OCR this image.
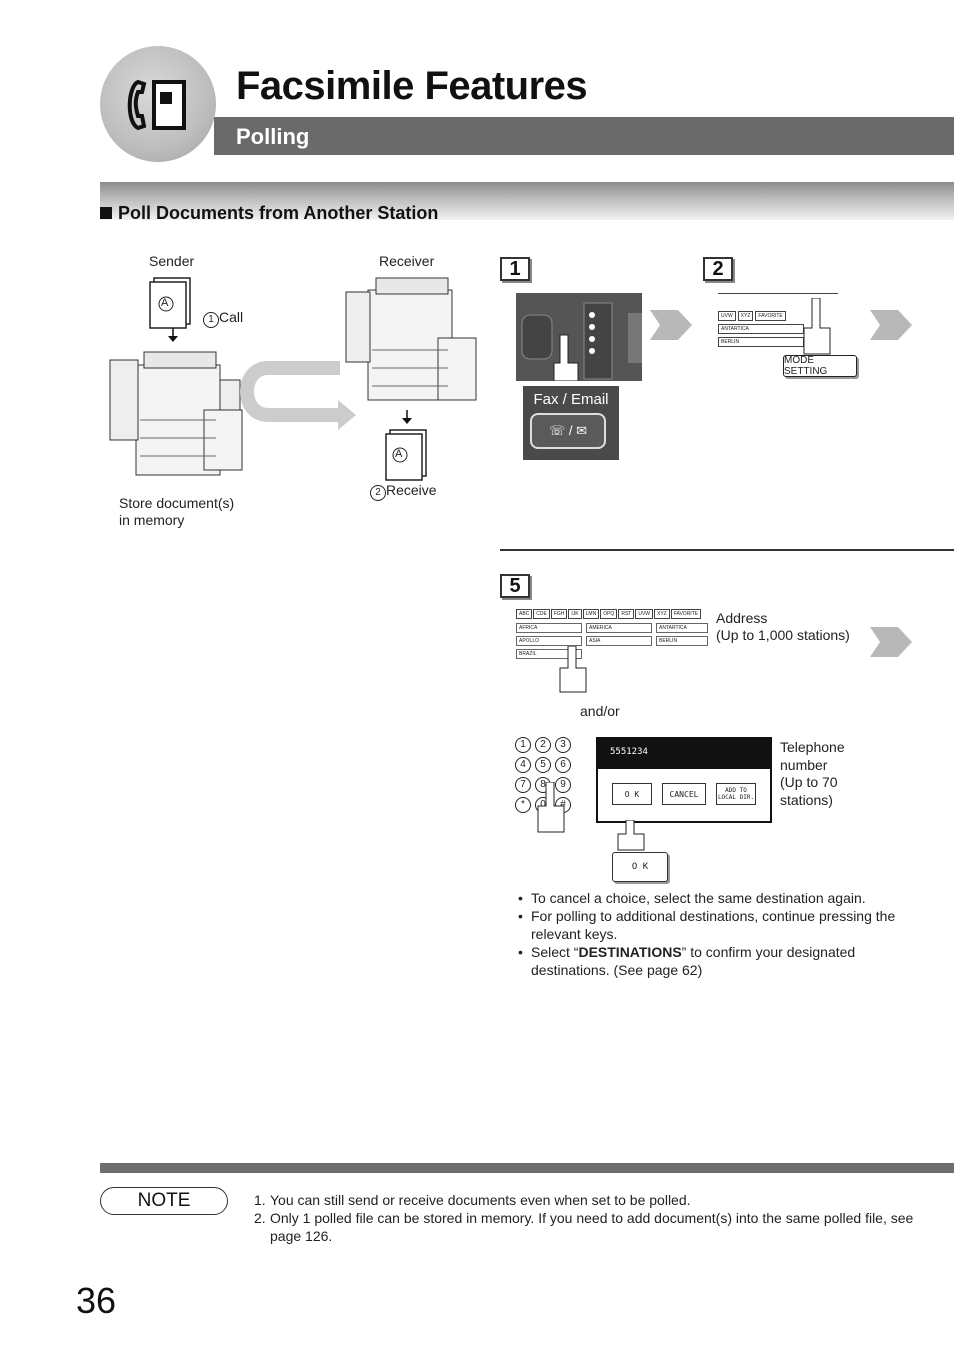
Facsimile Features
Polling
Poll Documents from Another Station
Sender	Receiver
A
A
1 Call
2 Receive
Store document(s)
in memory
1
Fax / Email
☏ / ✉
2
UVW	XYZ	FAVORITE
ANTARTICA
BERLIN
MODE SETTING
5
ABC	CDE	FGH	IJK	LMN	OPQ	RST	UVW	XYZ	FAVORITE
AFRICA	AMERICA	ANTARTICA
APOLLO	ASIA	BERLIN
BRAZIL
Address
(Up to 1,000 stations)
and/or
1	2	3
4	5	6
7	8	9
*	0	#
5551234
O K	CANCEL	ADD TO LOCAL DIR.
O K
Telephone
number
(Up to 70
stations)
• To cancel a choice, select the same destination again.
• For polling to additional destinations, continue pressing the relevant keys.
• Select “DESTINATIONS” to confirm your designated destinations. (See page 62)
NOTE	1. You can still send or receive documents even when set to be polled.
2. Only 1 polled file can be stored in memory. If you need to add document(s) into the same polled file, see page 126.
36
